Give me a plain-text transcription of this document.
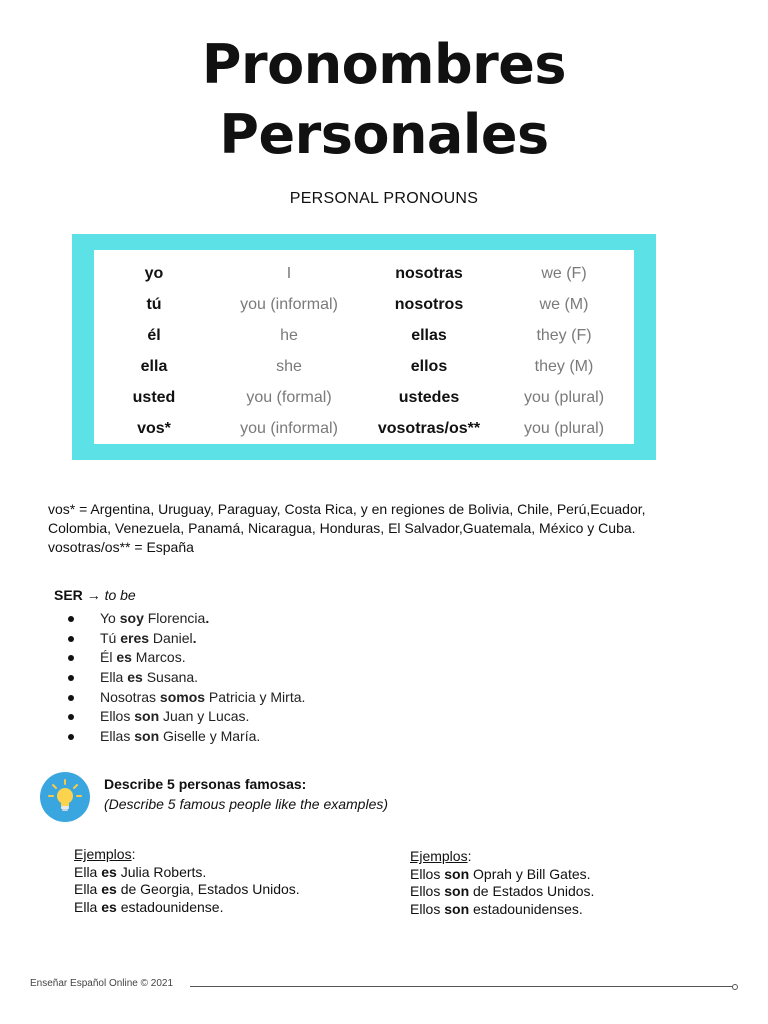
Pronombres
Personales
PERSONAL PRONOUNS
yo	I	nosotras	we (F)
tú	you (informal)	nosotros	we (M)
él	he	ellas	they (F)
ella	she	ellos	they (M)
usted	you (formal)	ustedes	you (plural)
vos*	you (informal)	vosotras/os**	you (plural)
vos* = Argentina, Uruguay, Paraguay, Costa Rica, y en regiones de Bolivia, Chile, Perú,Ecuador,
Colombia, Venezuela, Panamá, Nicaragua, Honduras, El Salvador,Guatemala, México y Cuba.
vosotras/os** = España
SER → to be
Yo soy Florencia.
Tú eres Daniel.
Él es Marcos.
Ella es Susana.
Nosotras somos Patricia y Mirta.
Ellos son Juan y Lucas.
Ellas son Giselle y María.
Describe 5 personas famosas:
(Describe 5 famous people like the examples)
Ejemplos:
Ella es Julia Roberts.
Ella es de Georgia, Estados Unidos.
Ella es estadounidense.
Ejemplos:
Ellos son Oprah y Bill Gates.
Ellos son de Estados Unidos.
Ellos son estadounidenses.
Enseñar Español Online © 2021
